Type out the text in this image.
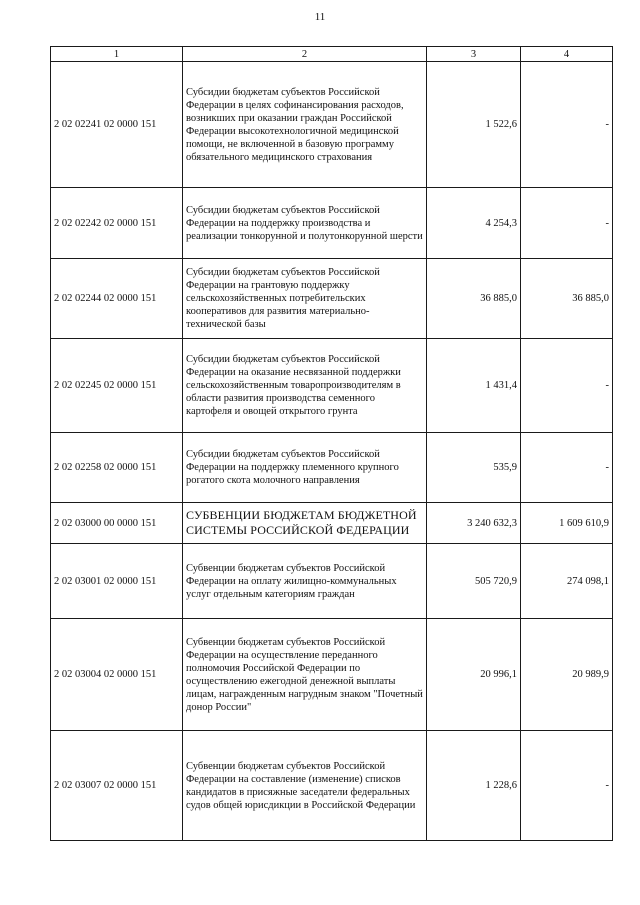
11
1	2	3	4
2 02 02241 02 0000 151	Субсидии бюджетам субъектов Российской Федерации в целях софинансирования расходов, возникших при оказании граждан Российской Федерации высокотехнологичной медицинской помощи, не включенной в базовую программу обязательного медицинского страхования	1 522,6	-
2 02 02242 02 0000 151	Субсидии бюджетам субъектов Российской Федерации на поддержку производства и реализации тонкорунной и полутонкорунной шерсти	4 254,3	-
2 02 02244 02 0000 151	Субсидии бюджетам субъектов Российской Федерации на грантовую поддержку сельскохозяйственных потребительских кооперативов для развития материально-технической базы	36 885,0	36 885,0
2 02 02245 02 0000 151	Субсидии бюджетам субъектов Российской Федерации на оказание несвязанной поддержки сельскохозяйственным товаропроизводителям в области развития производства семенного картофеля и овощей открытого грунта	1 431,4	-
2 02 02258 02 0000 151	Субсидии бюджетам субъектов Российской Федерации на поддержку племенного крупного рогатого скота молочного направления	535,9	-
2 02 03000 00 0000 151	СУБВЕНЦИИ БЮДЖЕТАМ БЮДЖЕТНОЙ СИСТЕМЫ РОССИЙСКОЙ ФЕДЕРАЦИИ	3 240 632,3	1 609 610,9
2 02 03001 02 0000 151	Субвенции бюджетам субъектов Российской Федерации на оплату жилищно-коммунальных услуг отдельным категориям граждан	505 720,9	274 098,1
2 02 03004 02 0000 151	Субвенции бюджетам субъектов Российской Федерации на осуществление переданного полномочия Российской Федерации по осуществлению ежегодной денежной выплаты лицам, награжденным нагрудным знаком "Почетный донор России"	20 996,1	20 989,9
2 02 03007 02 0000 151	Субвенции бюджетам субъектов Российской Федерации на составление (изменение) списков кандидатов в присяжные заседатели федеральных судов общей юрисдикции в Российской Федерации	1 228,6	-
